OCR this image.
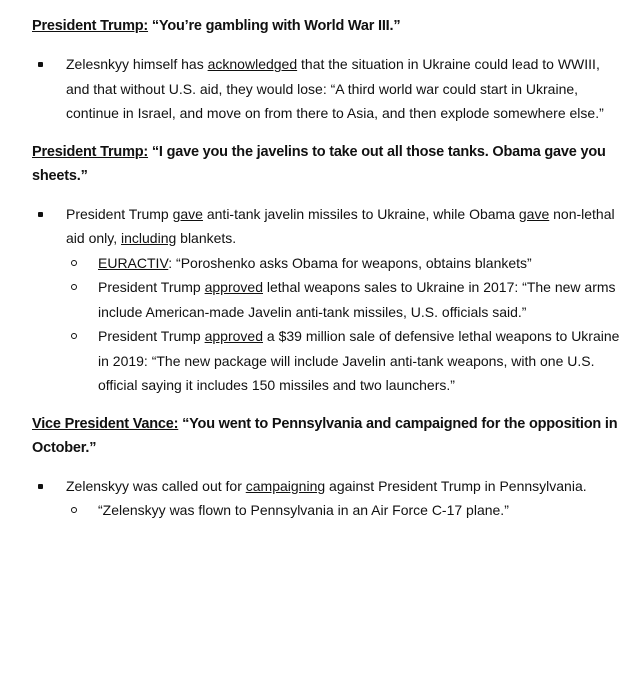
President Trump: “You’re gambling with World War III.”

Zelesnkyy himself has acknowledged that the situation in Ukraine could lead to WWIII, and that without U.S. aid, they would lose: “A third world war could start in Ukraine, continue in Israel, and move on from there to Asia, and then explode somewhere else.”

President Trump: “I gave you the javelins to take out all those tanks. Obama gave you sheets.”

President Trump gave anti-tank javelin missiles to Ukraine, while Obama gave non-lethal aid only, including blankets.
EURACTIV: “Poroshenko asks Obama for weapons, obtains blankets”
President Trump approved lethal weapons sales to Ukraine in 2017: “The new arms include American-made Javelin anti-tank missiles, U.S. officials said.”
President Trump approved a $39 million sale of defensive lethal weapons to Ukraine in 2019: “The new package will include Javelin anti-tank weapons, with one U.S. official saying it includes 150 missiles and two launchers.”

Vice President Vance: “You went to Pennsylvania and campaigned for the opposition in October.”

Zelenskyy was called out for campaigning against President Trump in Pennsylvania.
“Zelenskyy was flown to Pennsylvania in an Air Force C-17 plane.”
